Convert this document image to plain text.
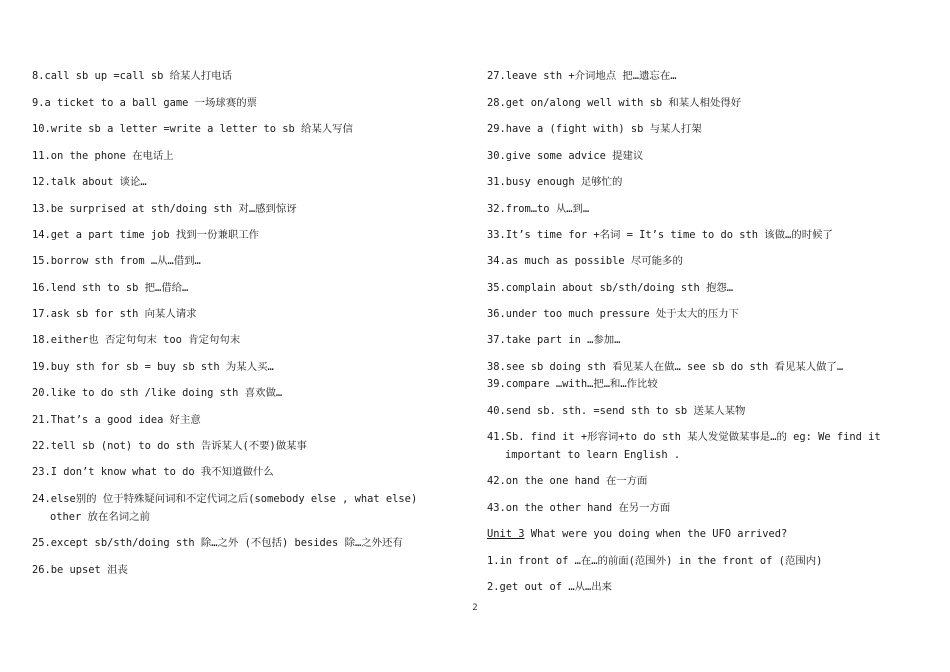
8.call sb up =call sb 给某人打电话
9.a ticket to a ball game 一场球赛的票
10.write sb a letter =write a letter to sb 给某人写信
11.on the phone 在电话上
12.talk about 谈论…
13.be surprised at sth/doing sth 对…感到惊讶
14.get a part time job 找到一份兼职工作
15.borrow sth from …从…借到…
16.lend sth to sb 把…借给…
17.ask sb for sth 向某人请求
18.either也 否定句句末 too 肯定句句末
19.buy sth for sb = buy sb sth 为某人买…
20.like to do sth /like doing sth 喜欢做…
21.That’s a good idea 好主意
22.tell sb (not) to do sth 告诉某人(不要)做某事
23.I don’t know what to do 我不知道做什么
24.else别的 位于特殊疑问词和不定代词之后(somebody else , what else)
other 放在名词之前
25.except sb/sth/doing sth 除…之外 (不包括) besides 除…之外还有
26.be upset 沮丧
27.leave sth +介词地点 把…遗忘在…
28.get on/along well with sb 和某人相处得好
29.have a (fight with) sb 与某人打架
30.give some advice 提建议
31.busy enough 足够忙的
32.from…to 从…到…
33.It’s time for +名词 = It’s time to do sth 该做…的时候了
34.as much as possible 尽可能多的
35.complain about sb/sth/doing sth 抱怨…
36.under too much pressure 处于太大的压力下
37.take part in …参加…
38.see sb doing sth 看见某人在做… see sb do sth 看见某人做了…
39.compare …with…把…和…作比较
40.send sb. sth. =send sth to sb 送某人某物
41.Sb. find it +形容词+to do sth 某人发觉做某事是…的 eg: We find it
important to learn English .
42.on the one hand 在一方面
43.on the other hand 在另一方面
Unit 3 What were you doing when the UFO arrived?
1.in front of …在…的前面(范围外) in the front of (范围内)
2.get out of …从…出来
2
